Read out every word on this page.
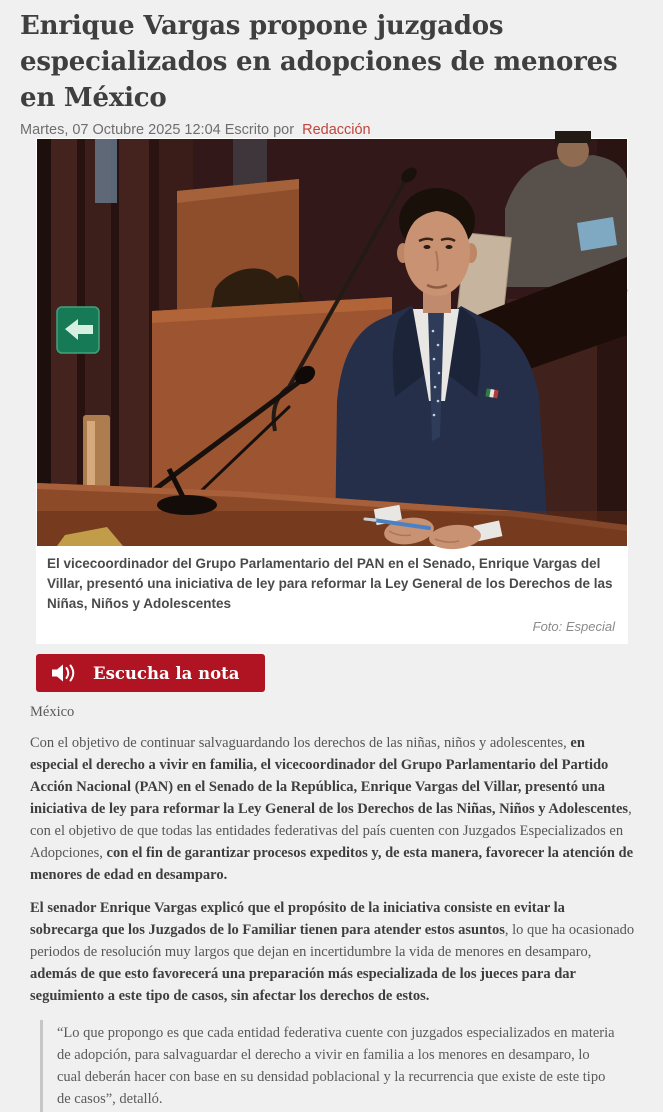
Enrique Vargas propone juzgados especializados en adopciones de menores en México
Martes, 07 Octubre 2025 12:04 Escrito por Redacción
El vicecoordinador del Grupo Parlamentario del PAN en el Senado, Enrique Vargas del Villar, presentó una iniciativa de ley para reformar la Ley General de los Derechos de las Niñas, Niños y Adolescentes
Foto: Especial
Escucha la nota
México

Con el objetivo de continuar salvaguardando los derechos de las niñas, niños y adolescentes, en especial el derecho a vivir en familia, el vicecoordinador del Grupo Parlamentario del Partido Acción Nacional (PAN) en el Senado de la República, Enrique Vargas del Villar, presentó una iniciativa de ley para reformar la Ley General de los Derechos de las Niñas, Niños y Adolescentes, con el objetivo de que todas las entidades federativas del país cuenten con Juzgados Especializados en Adopciones, con el fin de garantizar procesos expeditos y, de esta manera, favorecer la atención de menores de edad en desamparo.

El senador Enrique Vargas explicó que el propósito de la iniciativa consiste en evitar la sobrecarga que los Juzgados de lo Familiar tienen para atender estos asuntos, lo que ha ocasionado periodos de resolución muy largos que dejan en incertidumbre la vida de menores en desamparo, además de que esto favorecerá una preparación más especializada de los jueces para dar seguimiento a este tipo de casos, sin afectar los derechos de estos.

“Lo que propongo es que cada entidad federativa cuente con juzgados especializados en materia de adopción, para salvaguardar el derecho a vivir en familia a los menores en desamparo, lo cual deberán hacer con base en su densidad poblacional y la recurrencia que existe de este tipo de casos”, detalló.
